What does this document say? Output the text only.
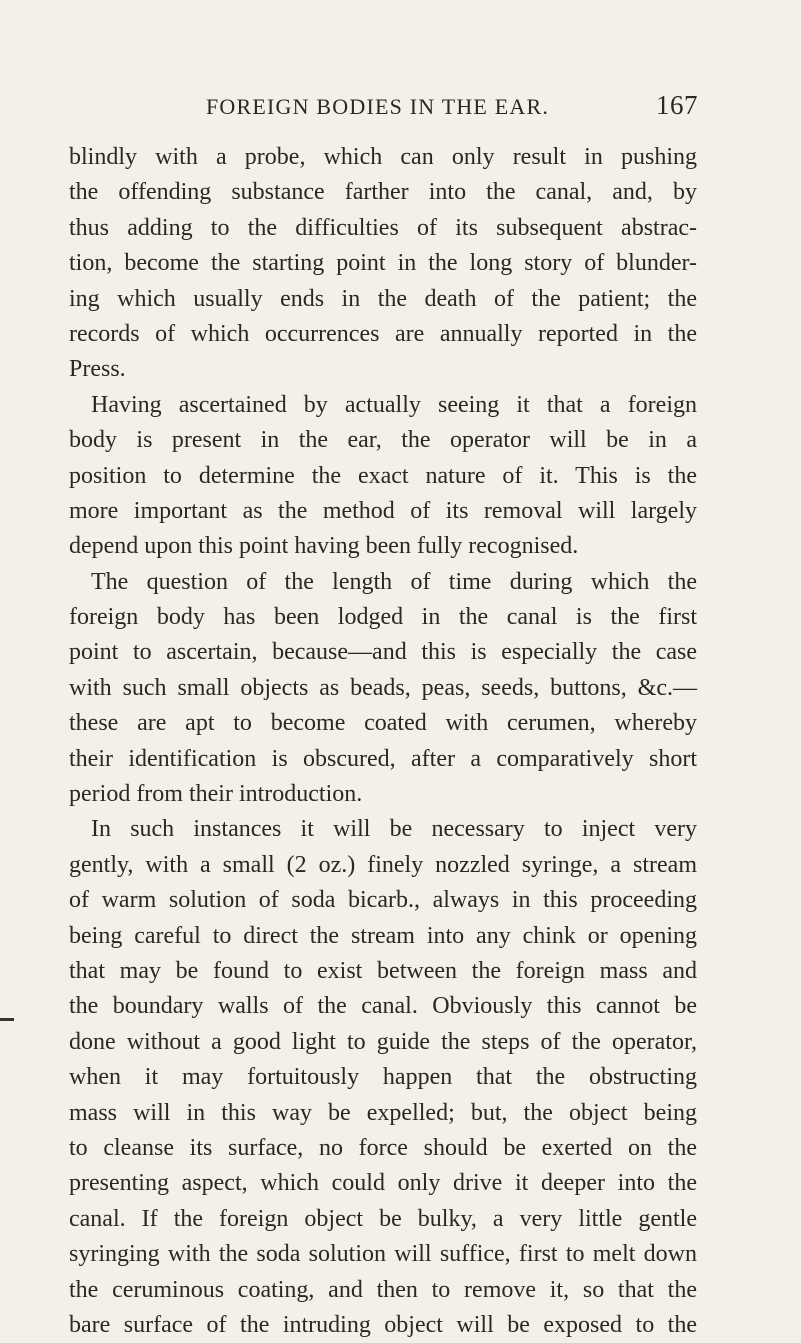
FOREIGN BODIES IN THE EAR.	167
blindly with a probe, which can only result in pushing
the offending substance farther into the canal, and, by
thus adding to the difficulties of its subsequent abstrac-
tion, become the starting point in the long story of blunder-
ing which usually ends in the death of the patient; the
records of which occurrences are annually reported in the
Press.
Having ascertained by actually seeing it that a foreign
body is present in the ear, the operator will be in a
position to determine the exact nature of it. This is the
more important as the method of its removal will largely
depend upon this point having been fully recognised.
The question of the length of time during which the
foreign body has been lodged in the canal is the first
point to ascertain, because—and this is especially the case
with such small objects as beads, peas, seeds, buttons, &c.—
these are apt to become coated with cerumen, whereby
their identification is obscured, after a comparatively short
period from their introduction.
In such instances it will be necessary to inject very
gently, with a small (2 oz.) finely nozzled syringe, a stream
of warm solution of soda bicarb., always in this proceeding
being careful to direct the stream into any chink or opening
that may be found to exist between the foreign mass and
the boundary walls of the canal. Obviously this cannot be
done without a good light to guide the steps of the operator,
when it may fortuitously happen that the obstructing
mass will in this way be expelled; but, the object being
to cleanse its surface, no force should be exerted on the
presenting aspect, which could only drive it deeper into the
canal. If the foreign object be bulky, a very little gentle
syringing with the soda solution will suffice, first to melt down
the ceruminous coating, and then to remove it, so that the
bare surface of the intruding object will be exposed to the
